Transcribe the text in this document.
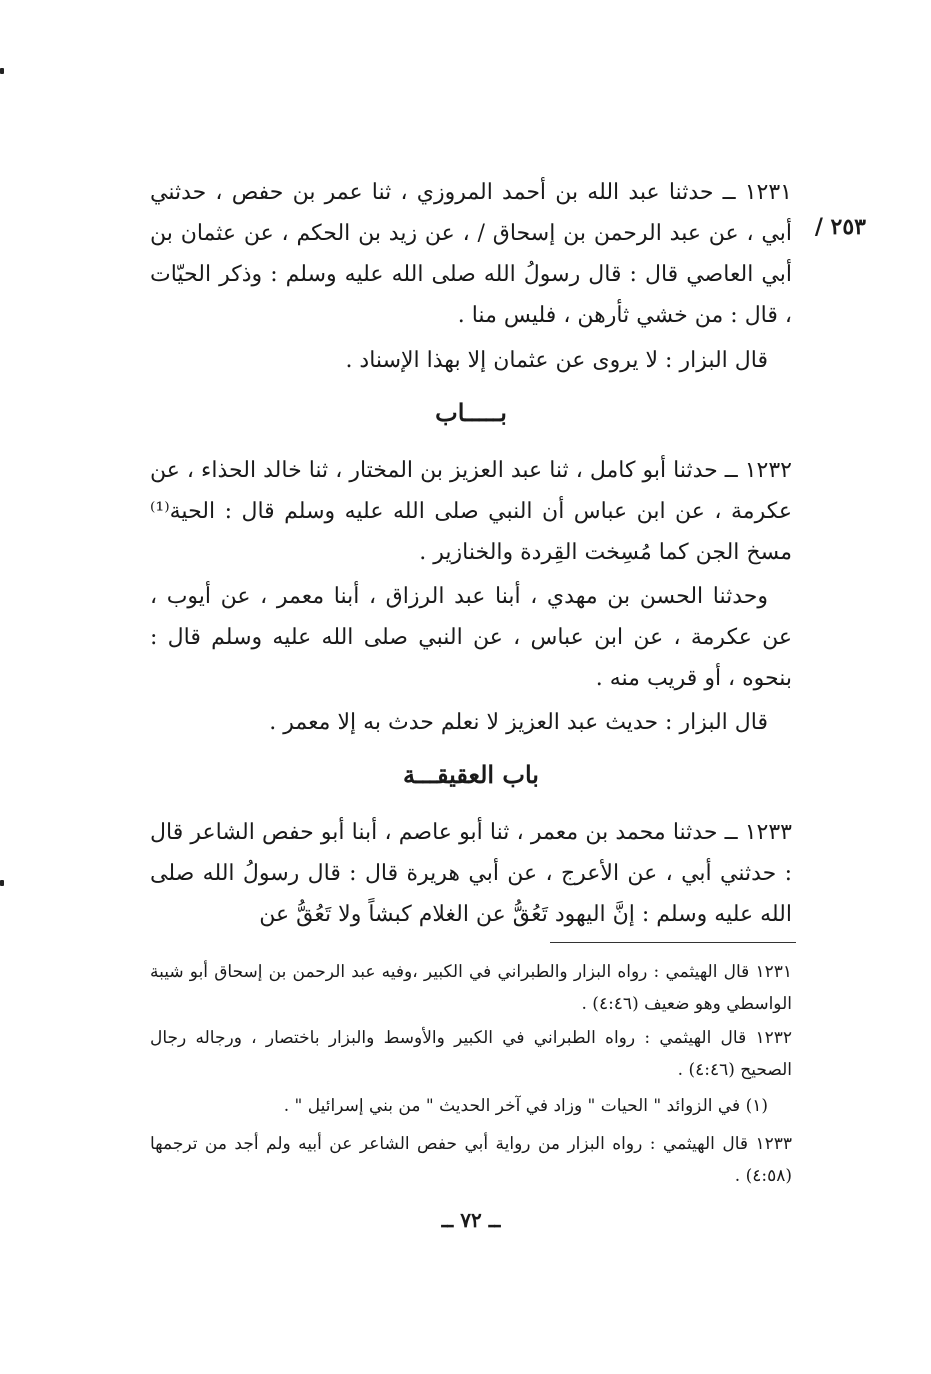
٢٥٣ /
١٢٣١ ــ حدثنا عبد الله بن أحمد المروزي ، ثنا عمر بن حفص ، حدثني أبي ، عن عبد الرحمن بن إسحاق / ، عن زيد بن الحكم ، عن عثمان بن أبي العاصي قال : قال رسولُ الله صلى الله عليه وسلم : وذكر الحيّات ، قال : من خشي ثأرهن ، فليس منا .
قال البزار : لا يروى عن عثمان إلا بهذا الإسناد .
بـــــاب
١٢٣٢ ــ حدثنا أبو كامل ، ثنا عبد العزيز بن المختار ، ثنا خالد الحذاء ، عن عكرمة ، عن ابن عباس أن النبي صلى الله عليه وسلم قال : الحية⁽¹⁾ مسخ الجن كما مُسِخت القِردة والخنازير .
وحدثنا الحسن بن مهدي ، أبنا عبد الرزاق ، أبنا معمر ، عن أيوب ، عن عكرمة ، عن ابن عباس ، عن النبي صلى الله عليه وسلم قال : بنحوه ، أو قريب منه .
قال البزار : حديث عبد العزيز لا نعلم حدث به إلا معمر .
باب العقيقـــة
١٢٣٣ ــ حدثنا محمد بن معمر ، ثنا أبو عاصم ، أبنا أبو حفص الشاعر قال : حدثني أبي ، عن الأعرج ، عن أبي هريرة قال : قال رسولُ الله صلى الله عليه وسلم : إنَّ اليهود تَعُقُّ عن الغلام كبشاً ولا تَعُقُّ عن
١٢٣١ قال الهيثمي : رواه البزار والطبراني في الكبير ،وفيه عبد الرحمن بن إسحاق أبو شيبة الواسطي وهو ضعيف (٤:٤٦) .
١٢٣٢ قال الهيثمي : رواه الطبراني في الكبير والأوسط والبزار باختصار ، ورجاله رجال الصحيح (٤:٤٦) .
(١) في الزوائد " الحيات " وزاد في آخر الحديث " من بني إسرائيل " .
١٢٣٣ قال الهيثمي : رواه البزار من رواية أبي حفص الشاعر عن أبيه ولم أجد من ترجمها (٤:٥٨) .
ــ ٧٢ ــ
